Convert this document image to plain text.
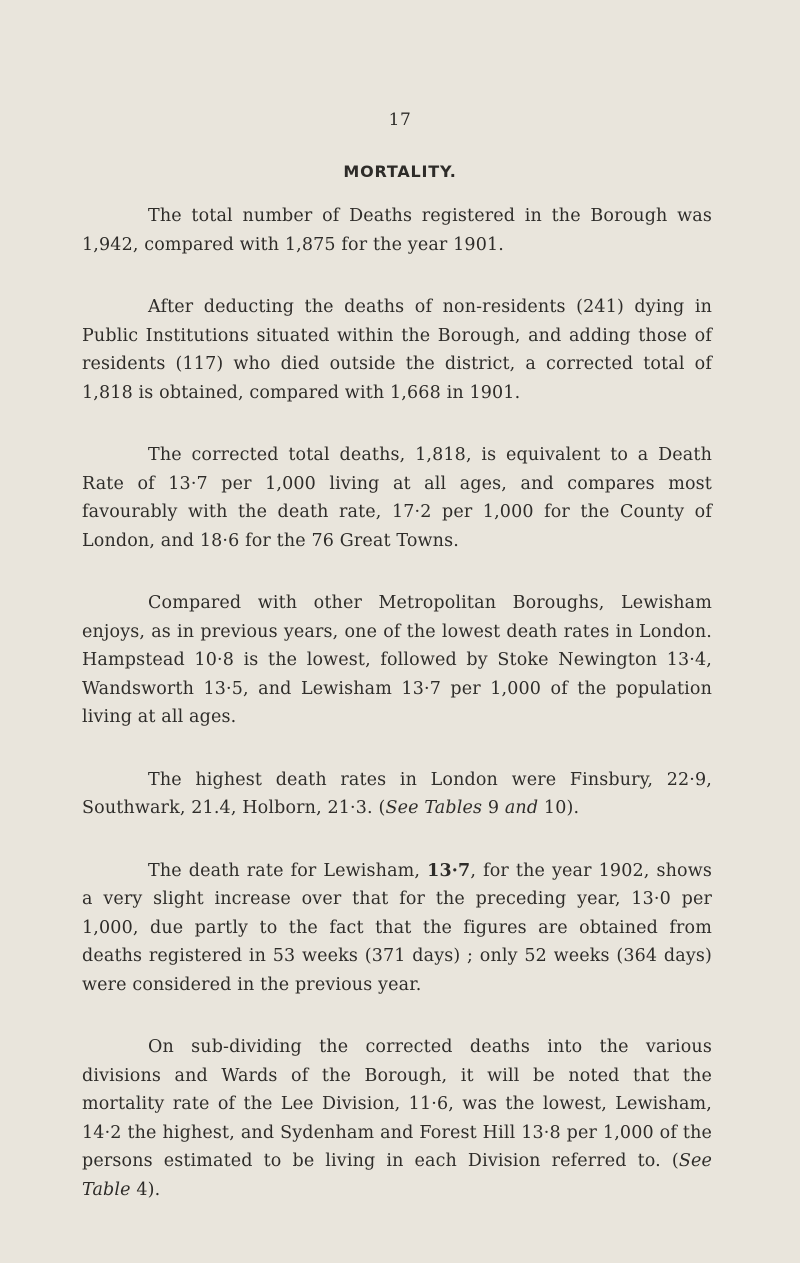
17
MORTALITY.

The total number of Deaths registered in the Borough was 1,942, compared with 1,875 for the year 1901.

After deducting the deaths of non-residents (241) dying in Public Institutions situated within the Borough, and adding those of residents (117) who died outside the district, a corrected total of 1,818 is obtained, compared with 1,668 in 1901.

The corrected total deaths, 1,818, is equivalent to a Death Rate of 13·7 per 1,000 living at all ages, and compares most favourably with the death rate, 17·2 per 1,000 for the County of London, and 18·6 for the 76 Great Towns.

Compared with other Metropolitan Boroughs, Lewisham enjoys, as in previous years, one of the lowest death rates in London. Hampstead 10·8 is the lowest, followed by Stoke Newington 13·4, Wandsworth 13·5, and Lewisham 13·7 per 1,000 of the population living at all ages.

The highest death rates in London were Finsbury, 22·9, Southwark, 21.4, Holborn, 21·3. (See Tables 9 and 10).

The death rate for Lewisham, 13·7, for the year 1902, shows a very slight increase over that for the preceding year, 13·0 per 1,000, due partly to the fact that the figures are obtained from deaths registered in 53 weeks (371 days) ; only 52 weeks (364 days) were considered in the previous year.

On sub-dividing the corrected deaths into the various divisions and Wards of the Borough, it will be noted that the mortality rate of the Lee Division, 11·6, was the lowest, Lewisham, 14·2 the highest, and Sydenham and Forest Hill 13·8 per 1,000 of the persons estimated to be living in each Division referred to. (See Table 4).
